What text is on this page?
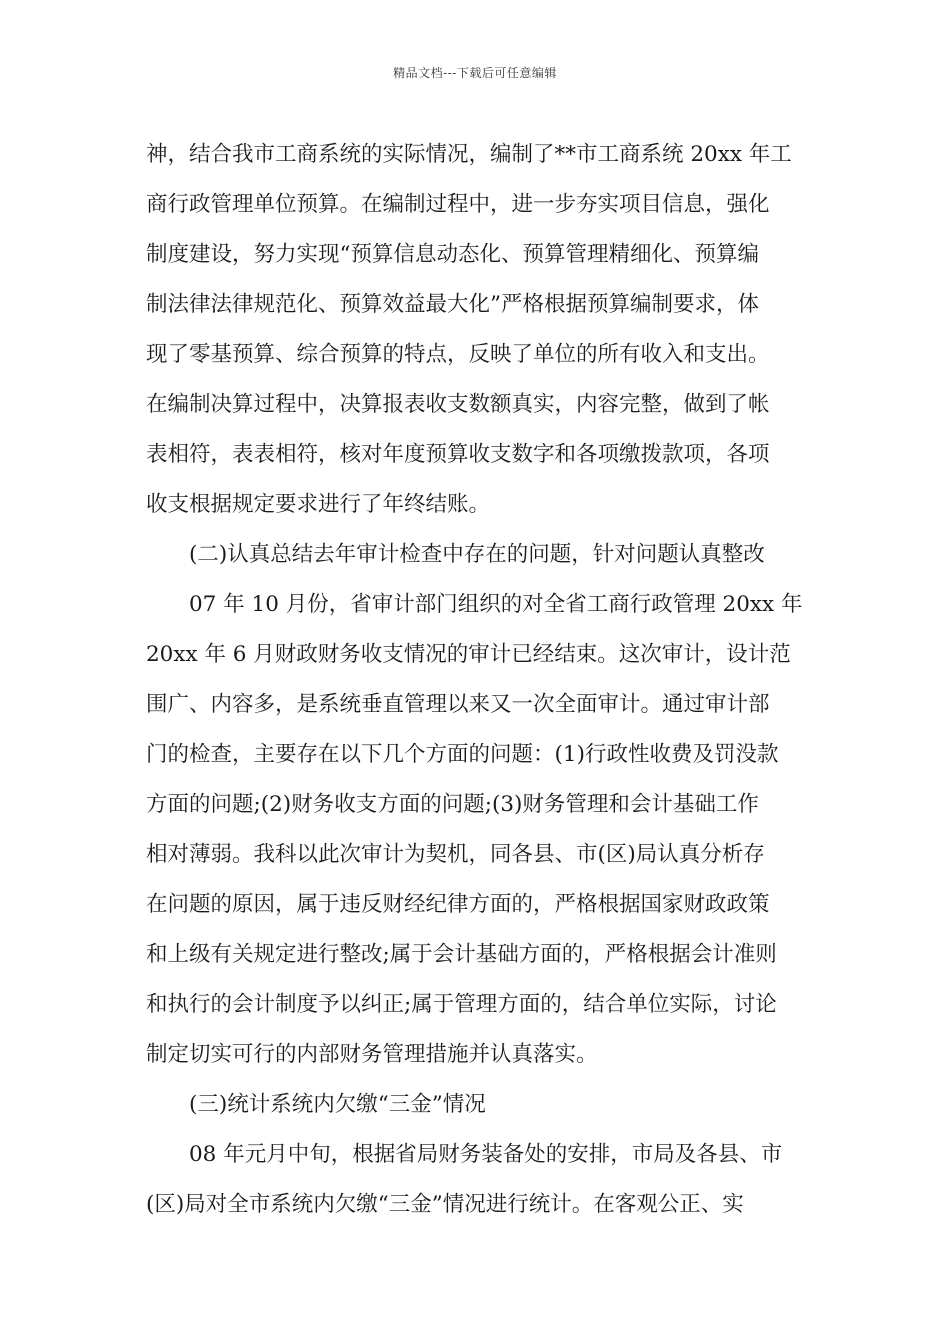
精品文档---下载后可任意编辑
神，结合我市工商系统的实际情况，编制了**市工商系统 20xx 年工
商行政管理单位预算。在编制过程中，进一步夯实项目信息，强化
制度建设，努力实现“预算信息动态化、预算管理精细化、预算编
制法律法律规范化、预算效益最大化”严格根据预算编制要求，体
现了零基预算、综合预算的特点，反映了单位的所有收入和支出。
在编制决算过程中，决算报表收支数额真实，内容完整，做到了帐
表相符，表表相符，核对年度预算收支数字和各项缴拨款项，各项
收支根据规定要求进行了年终结账。
(二)认真总结去年审计检查中存在的问题，针对问题认真整改
07 年 10 月份，省审计部门组织的对全省工商行政管理 20xx 年
20xx 年 6 月财政财务收支情况的审计已经结束。这次审计，设计范
围广、内容多，是系统垂直管理以来又一次全面审计。通过审计部
门的检查，主要存在以下几个方面的问题：(1)行政性收费及罚没款
方面的问题;(2)财务收支方面的问题;(3)财务管理和会计基础工作
相对薄弱。我科以此次审计为契机，同各县、市(区)局认真分析存
在问题的原因，属于违反财经纪律方面的，严格根据国家财政政策
和上级有关规定进行整改;属于会计基础方面的，严格根据会计准则
和执行的会计制度予以纠正;属于管理方面的，结合单位实际，讨论
制定切实可行的内部财务管理措施并认真落实。
(三)统计系统内欠缴“三金”情况
08 年元月中旬，根据省局财务装备处的安排，市局及各县、市
(区)局对全市系统内欠缴“三金”情况进行统计。在客观公正、实
